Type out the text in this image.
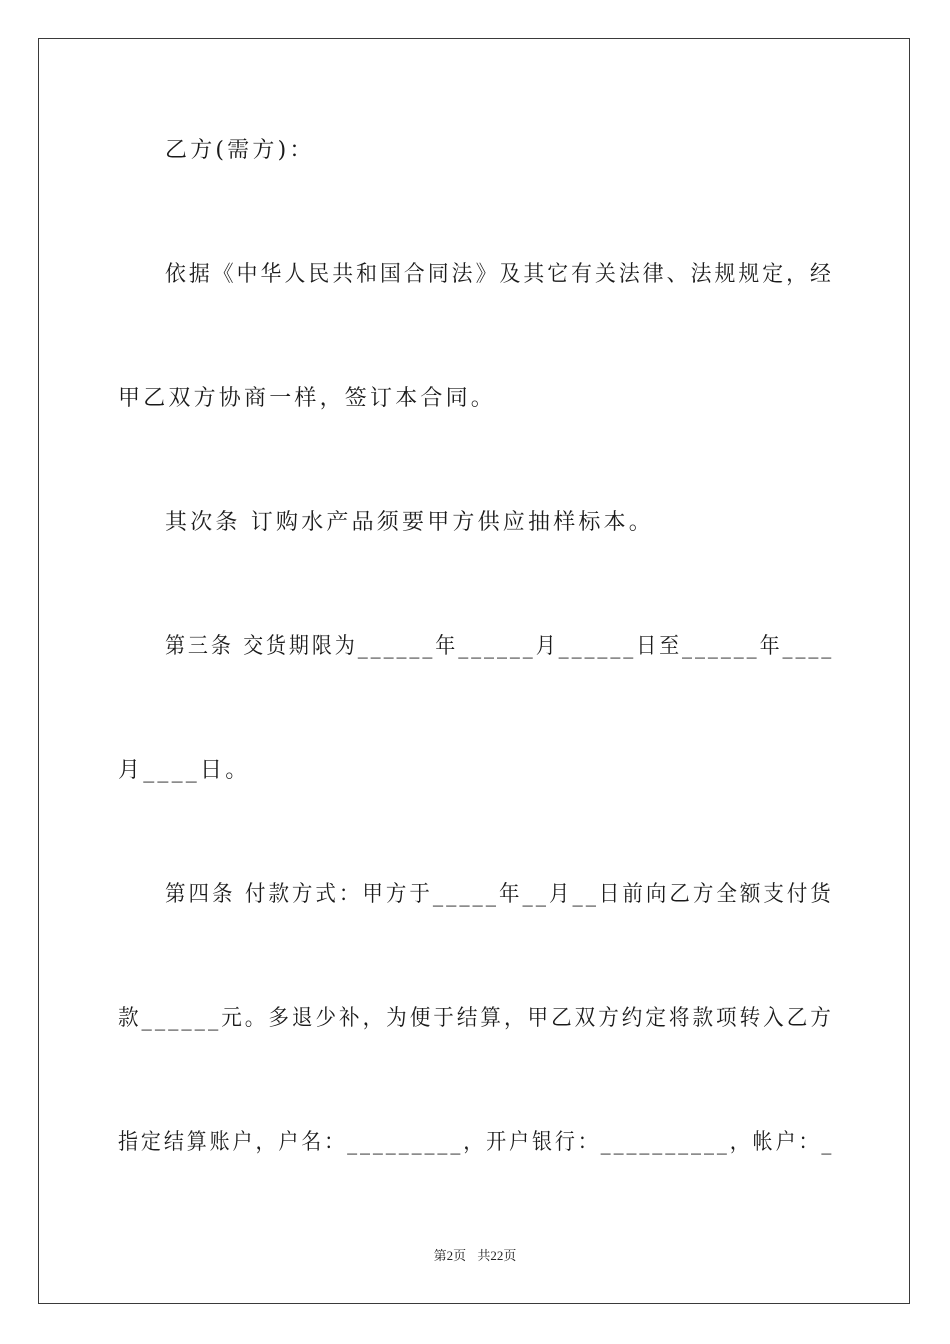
乙方(需方)：
依据《中华人民共和国合同法》及其它有关法律、法规规定，经
甲乙双方协商一样，签订本合同。
其次条 订购水产品须要甲方供应抽样标本。
第三条 交货期限为______年______月______日至______年____
月____日。
第四条 付款方式：甲方于_____年__月__日前向乙方全额支付货
款______元。多退少补，为便于结算，甲乙双方约定将款项转入乙方
指定结算账户，户名：_________，开户银行：__________，帐户：_
第2页 共22页
